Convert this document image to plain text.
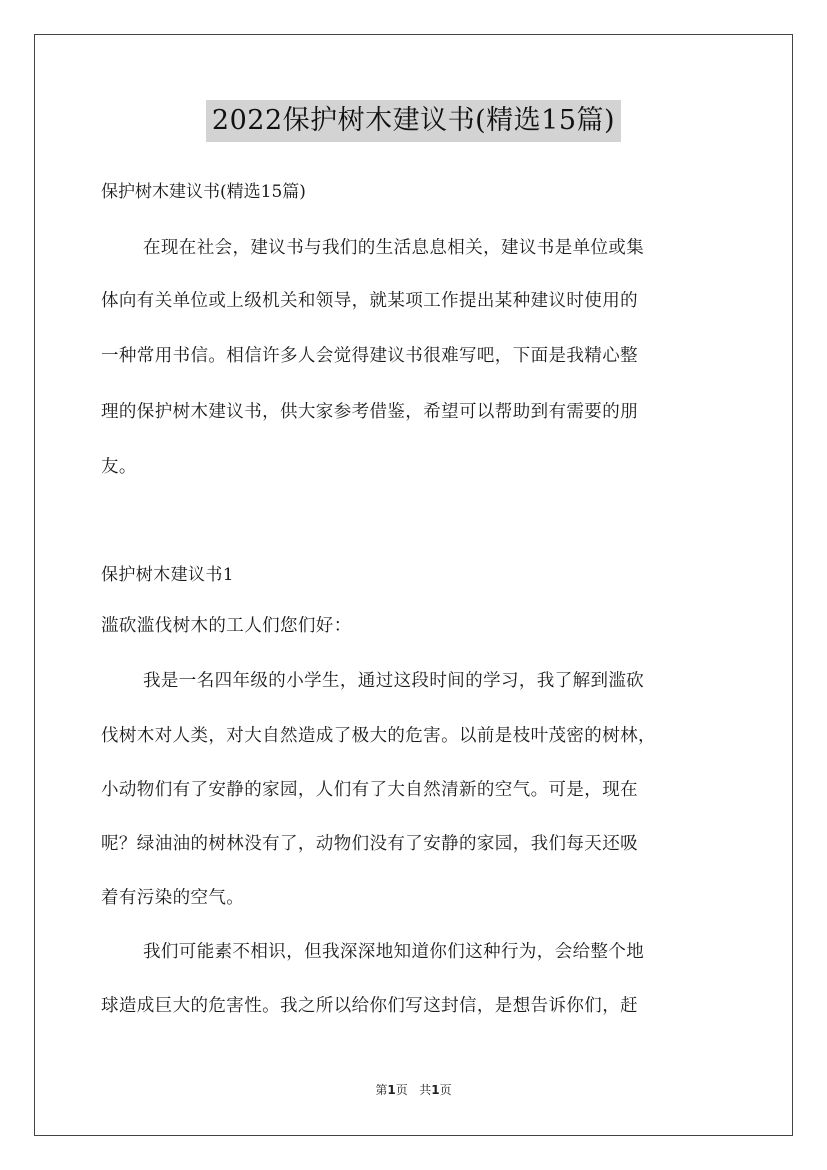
2022保护树木建议书(精选15篇)
保护树木建议书(精选15篇)
在现在社会，建议书与我们的生活息息相关，建议书是单位或集
体向有关单位或上级机关和领导，就某项工作提出某种建议时使用的
一种常用书信。相信许多人会觉得建议书很难写吧，下面是我精心整
理的保护树木建议书，供大家参考借鉴，希望可以帮助到有需要的朋
友。
保护树木建议书1
滥砍滥伐树木的工人们您们好：
我是一名四年级的小学生，通过这段时间的学习，我了解到滥砍
伐树木对人类，对大自然造成了极大的危害。以前是枝叶茂密的树林，
小动物们有了安静的家园，人们有了大自然清新的空气。可是，现在
呢？绿油油的树林没有了，动物们没有了安静的家园，我们每天还吸
着有污染的空气。
我们可能素不相识，但我深深地知道你们这种行为，会给整个地
球造成巨大的危害性。我之所以给你们写这封信，是想告诉你们，赶
第1页 共1页
